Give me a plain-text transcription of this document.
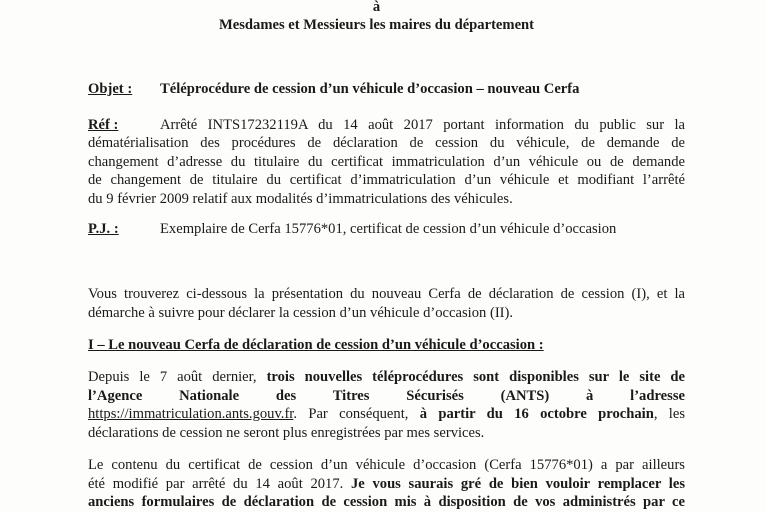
à
Mesdames et Messieurs les maires du département
Objet : Téléprocédure de cession d’un véhicule d’occasion – nouveau Cerfa
Réf :	Arrêté INTS17232119A du 14 août 2017 portant information du public sur la
dématérialisation des procédures de déclaration de cession du véhicule, de demande de
changement d’adresse du titulaire du certificat immatriculation d’un véhicule ou de demande
de changement de titulaire du certificat d’immatriculation d’un véhicule et modifiant l’arrêté
du 9 février 2009 relatif aux modalités d’immatriculations des véhicules.
P.J. :	Exemplaire de Cerfa 15776*01, certificat de cession d’un véhicule d’occasion
Vous trouverez ci-dessous la présentation du nouveau Cerfa de déclaration de cession (I), et la
démarche à suivre pour déclarer la cession d’un véhicule d’occasion (II).
I – Le nouveau Cerfa de déclaration de cession d’un véhicule d’occasion :
Depuis le 7 août dernier, trois nouvelles téléprocédures sont disponibles sur le site de
l’Agence Nationale des Titres Sécurisés (ANTS) à l’adresse
https://immatriculation.ants.gouv.fr. Par conséquent, à partir du 16 octobre prochain, les
déclarations de cession ne seront plus enregistrées par mes services.
Le contenu du certificat de cession d’un véhicule d’occasion (Cerfa 15776*01) a par ailleurs
été modifié par arrêté du 14 août 2017. Je vous saurais gré de bien vouloir remplacer les
anciens formulaires de déclaration de cession mis à disposition de vos administrés par ce
